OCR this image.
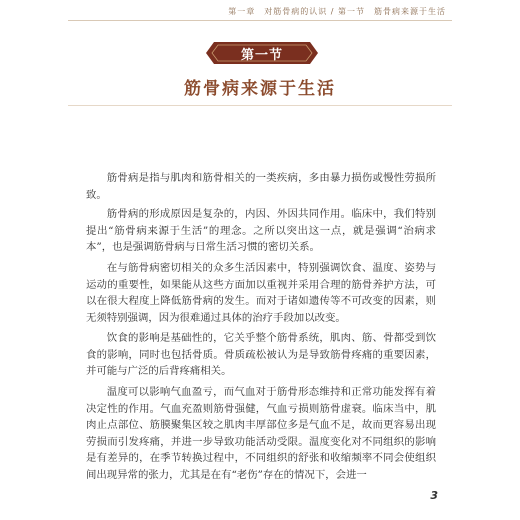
第一章　对筋骨病的认识 / 第一节　筋骨病来源于生活
第一节
筋骨病来源于生活

筋骨病是指与肌肉和筋骨相关的一类疾病，多由暴力损伤或慢性劳损所致。

筋骨病的形成原因是复杂的，内因、外因共同作用。临床中，我们特别提出“筋骨病来源于生活”的理念。之所以突出这一点，就是强调“治病求本”，也是强调筋骨病与日常生活习惯的密切关系。

在与筋骨病密切相关的众多生活因素中，特别强调饮食、温度、姿势与运动的重要性，如果能从这些方面加以重视并采用合理的筋骨养护方法，可以在很大程度上降低筋骨病的发生。而对于诸如遗传等不可改变的因素，则无须特别强调，因为很难通过具体的治疗手段加以改变。

饮食的影响是基础性的，它关乎整个筋骨系统，肌肉、筋、骨都受到饮食的影响，同时也包括骨质。骨质疏松被认为是导致筋骨疼痛的重要因素，并可能与广泛的后背疼痛相关。

温度可以影响气血盈亏，而气血对于筋骨形态维持和正常功能发挥有着决定性的作用。气血充盈则筋骨强健，气血亏损则筋骨虚衰。临床当中，肌肉止点部位、筋膜聚集区较之肌肉丰厚部位多是气血不足，故而更容易出现劳损而引发疼痛，并进一步导致功能活动受限。温度变化对不同组织的影响是有差异的，在季节转换过程中，不同组织的舒张和收缩频率不同会使组织间出现异常的张力，尤其是在有“老伤”存在的情况下，会进一

3
